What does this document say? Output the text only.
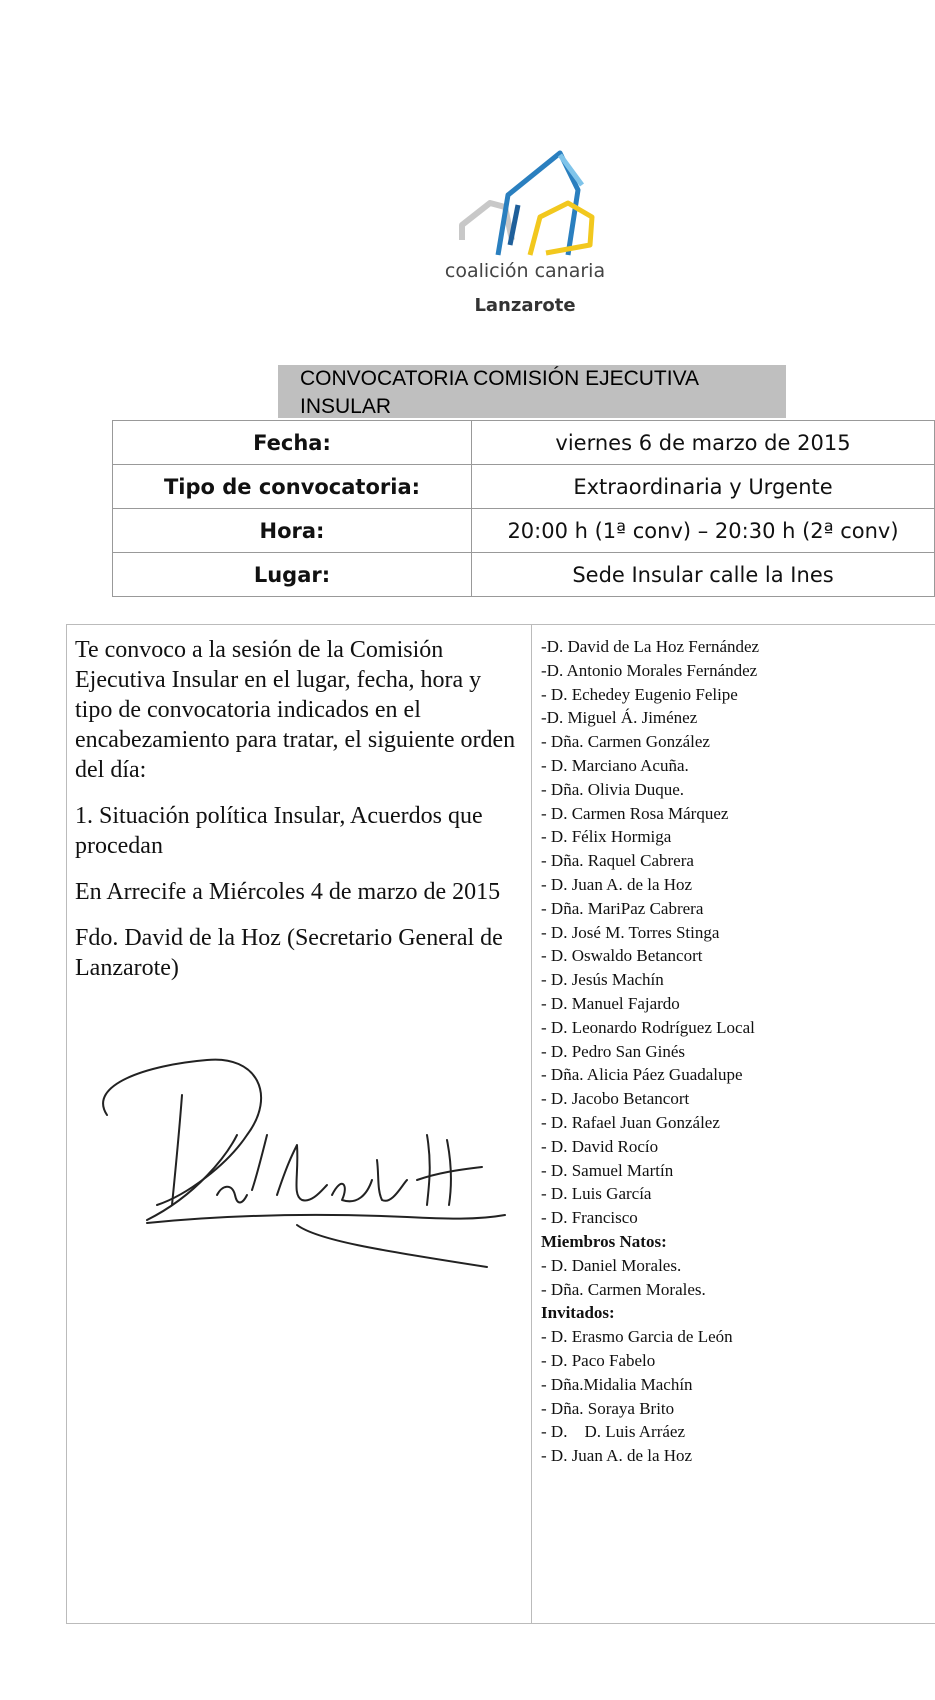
coalición canaria
Lanzarote
CONVOCATORIA COMISIÓN EJECUTIVA INSULAR
Fecha:	viernes 6 de marzo de 2015
Tipo de convocatoria:	Extraordinaria y Urgente
Hora:	20:00 h (1ª conv) – 20:30 h (2ª conv)
Lugar:	Sede Insular calle la Ines

Te convoco a la sesión de la Comisión Ejecutiva Insular en el lugar, fecha, hora y tipo de convocatoria indicados en el encabezamiento para tratar, el siguiente orden del día:

1. Situación política Insular, Acuerdos que procedan

En Arrecife a Miércoles 4 de marzo de 2015

Fdo. David de la Hoz (Secretario General de Lanzarote)

-D. David de La Hoz Fernández
-D. Antonio Morales Fernández
- D. Echedey Eugenio Felipe
-D. Miguel Á. Jiménez
- Dña. Carmen González
- D. Marciano Acuña.
- Dña. Olivia Duque.
- D. Carmen Rosa Márquez
- D. Félix Hormiga
- Dña. Raquel Cabrera
- D. Juan A. de la Hoz
- Dña. MariPaz Cabrera
- D. José M. Torres Stinga
- D. Oswaldo Betancort
- D. Jesús Machín
- D. Manuel Fajardo
- D. Leonardo Rodríguez Local
- D. Pedro San Ginés
- Dña. Alicia Páez Guadalupe
- D. Jacobo Betancort
- D. Rafael Juan González
- D. David Rocío
- D. Samuel Martín
- D. Luis García
- D. Francisco
Miembros Natos:
- D. Daniel Morales.
- Dña. Carmen Morales.
Invitados:
- D. Erasmo Garcia de León
- D. Paco Fabelo
- Dña.Midalia Machín
- Dña. Soraya Brito
- D.    D. Luis Arráez
- D. Juan A. de la Hoz
